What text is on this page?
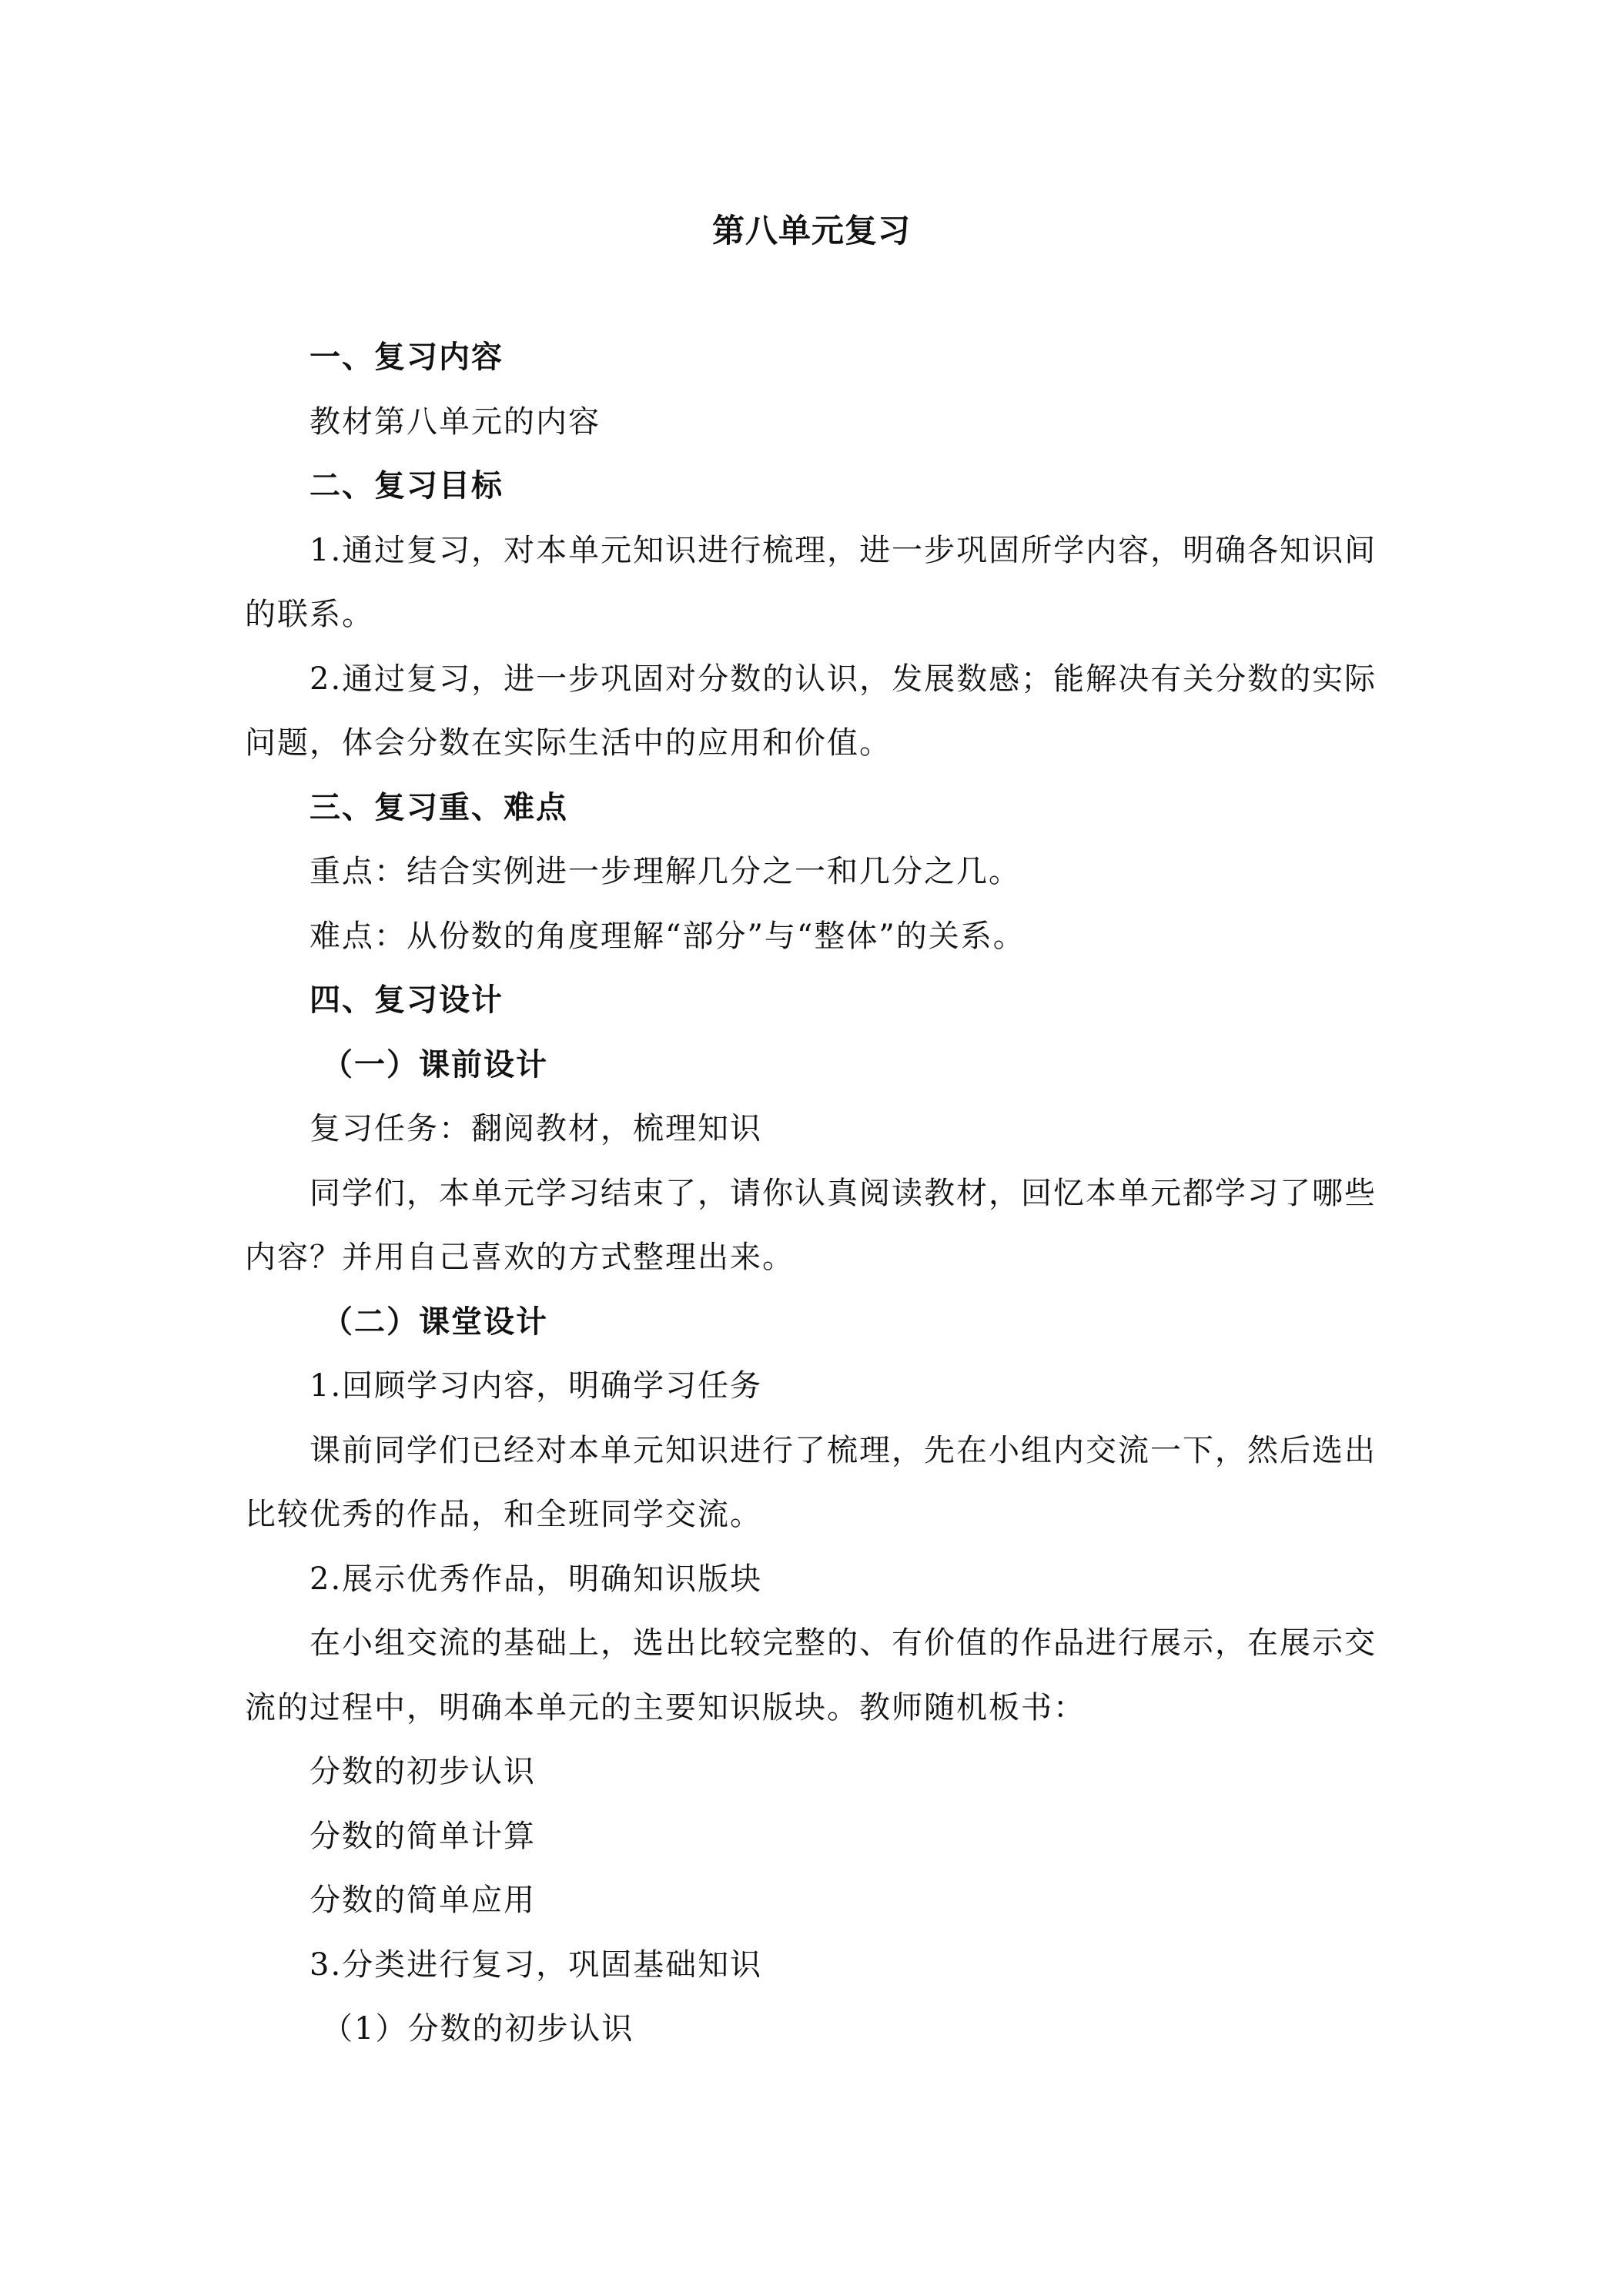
第八单元复习
一、复习内容
教材第八单元的内容
二、复习目标
1.通过复习，对本单元知识进行梳理，进一步巩固所学内容，明确各知识间
的联系。
2.通过复习，进一步巩固对分数的认识，发展数感；能解决有关分数的实际
问题，体会分数在实际生活中的应用和价值。
三、复习重、难点
重点：结合实例进一步理解几分之一和几分之几。
难点：从份数的角度理解“部分”与“整体”的关系。
四、复习设计
（一）课前设计
复习任务：翻阅教材，梳理知识
同学们，本单元学习结束了，请你认真阅读教材，回忆本单元都学习了哪些
内容？并用自己喜欢的方式整理出来。
（二）课堂设计
1.回顾学习内容，明确学习任务
课前同学们已经对本单元知识进行了梳理，先在小组内交流一下，然后选出
比较优秀的作品，和全班同学交流。
2.展示优秀作品，明确知识版块
在小组交流的基础上，选出比较完整的、有价值的作品进行展示，在展示交
流的过程中，明确本单元的主要知识版块。教师随机板书：
分数的初步认识
分数的简单计算
分数的简单应用
3.分类进行复习，巩固基础知识
（1）分数的初步认识
